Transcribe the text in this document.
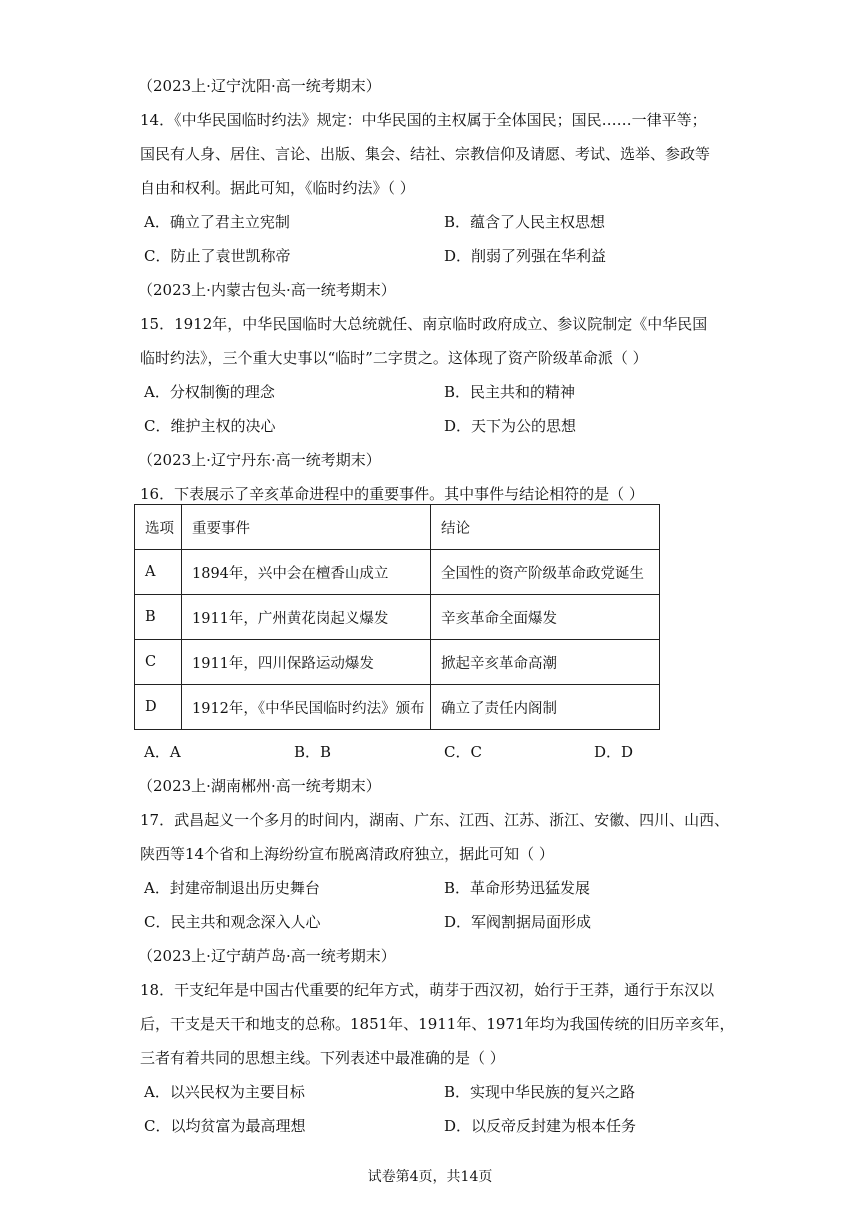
（2023上·辽宁沈阳·高一统考期末）
14．《中华民国临时约法》规定：中华民国的主权属于全体国民；国民……一律平等；
国民有人身、居住、言论、出版、集会、结社、宗教信仰及请愿、考试、选举、参政等
自由和权利。据此可知，《临时约法》（ ）
A．确立了君主立宪制	B．蕴含了人民主权思想
C．防止了袁世凯称帝	D．削弱了列强在华利益
（2023上·内蒙古包头·高一统考期末）
15．1912年，中华民国临时大总统就任、南京临时政府成立、参议院制定《中华民国
临时约法》，三个重大史事以“临时”二字贯之。这体现了资产阶级革命派（ ）
A．分权制衡的理念	B．民主共和的精神
C．维护主权的决心	D．天下为公的思想
（2023上·辽宁丹东·高一统考期末）
16．下表展示了辛亥革命进程中的重要事件。其中事件与结论相符的是（ ）
选项	重要事件	结论
A	1894年，兴中会在檀香山成立	全国性的资产阶级革命政党诞生
B	1911年，广州黄花岗起义爆发	辛亥革命全面爆发
C	1911年，四川保路运动爆发	掀起辛亥革命高潮
D	1912年，《中华民国临时约法》颁布	确立了责任内阁制
A．A	B．B	C．C	D．D
（2023上·湖南郴州·高一统考期末）
17．武昌起义一个多月的时间内，湖南、广东、江西、江苏、浙江、安徽、四川、山西、
陕西等14个省和上海纷纷宣布脱离清政府独立，据此可知（ ）
A．封建帝制退出历史舞台	B．革命形势迅猛发展
C．民主共和观念深入人心	D．军阀割据局面形成
（2023上·辽宁葫芦岛·高一统考期末）
18．干支纪年是中国古代重要的纪年方式，萌芽于西汉初，始行于王莽，通行于东汉以
后，干支是天干和地支的总称。1851年、1911年、1971年均为我国传统的旧历辛亥年，
三者有着共同的思想主线。下列表述中最准确的是（ ）
A．以兴民权为主要目标	B．实现中华民族的复兴之路
C．以均贫富为最高理想	D．以反帝反封建为根本任务
试卷第4页，共14页
